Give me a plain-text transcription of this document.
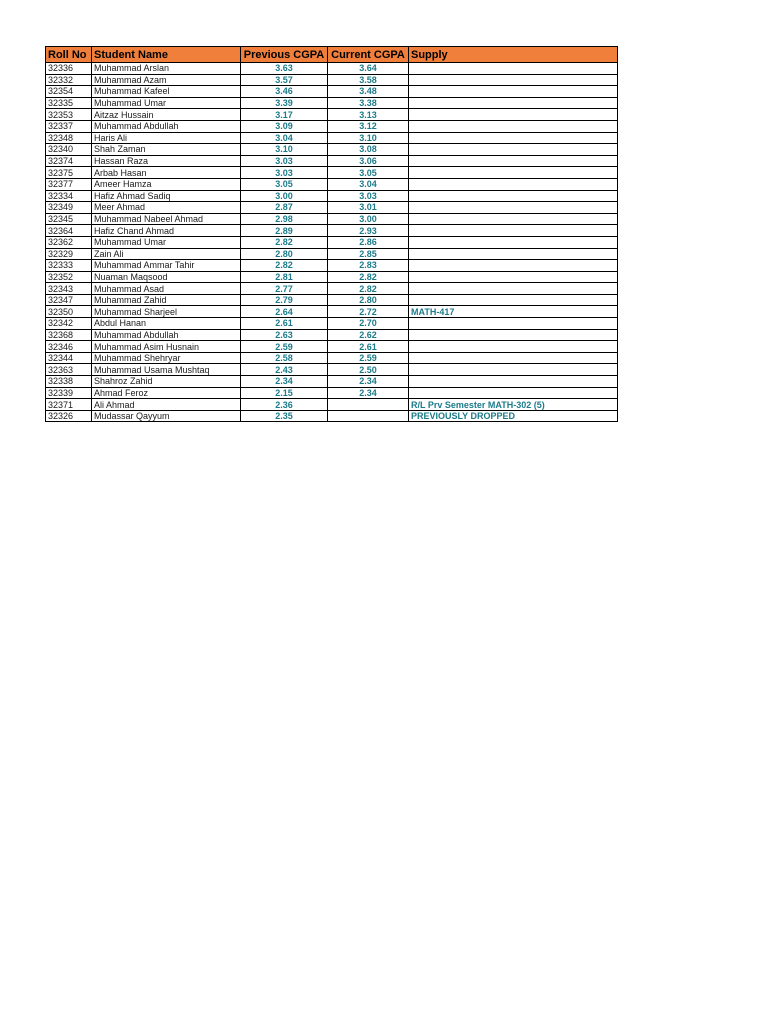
Roll No	Student Name	Previous CGPA	Current CGPA	Supply
32336	Muhammad Arslan	3.63	3.64	
32332	Muhammad Azam	3.57	3.58	
32354	Muhammad Kafeel	3.46	3.48	
32335	Muhammad Umar	3.39	3.38	
32353	Aitzaz Hussain	3.17	3.13	
32337	Muhammad Abdullah	3.09	3.12	
32348	Haris Ali	3.04	3.10	
32340	Shah Zaman	3.10	3.08	
32374	Hassan Raza	3.03	3.06	
32375	Arbab Hasan	3.03	3.05	
32377	Ameer Hamza	3.05	3.04	
32334	Hafiz Ahmad Sadiq	3.00	3.03	
32349	Meer Ahmad	2.87	3.01	
32345	Muhammad Nabeel Ahmad	2.98	3.00	
32364	Hafiz Chand Ahmad	2.89	2.93	
32362	Muhammad Umar	2.82	2.86	
32329	Zain Ali	2.80	2.85	
32333	Muhammad Ammar Tahir	2.82	2.83	
32352	Nuaman Maqsood	2.81	2.82	
32343	Muhammad Asad	2.77	2.82	
32347	Muhammad Zahid	2.79	2.80	
32350	Muhammad Sharjeel	2.64	2.72	MATH-417
32342	Abdul Hanan	2.61	2.70	
32368	Muhammad Abdullah	2.63	2.62	
32346	Muhammad Asim Husnain	2.59	2.61	
32344	Muhammad Shehryar	2.58	2.59	
32363	Muhammad Usama Mushtaq	2.43	2.50	
32338	Shahroz Zahid	2.34	2.34	
32339	Ahmad Feroz	2.15	2.34	
32371	Ali Ahmad	2.36		R/L Prv Semester MATH-302 (5)
32326	Mudassar Qayyum	2.35		PREVIOUSLY DROPPED
